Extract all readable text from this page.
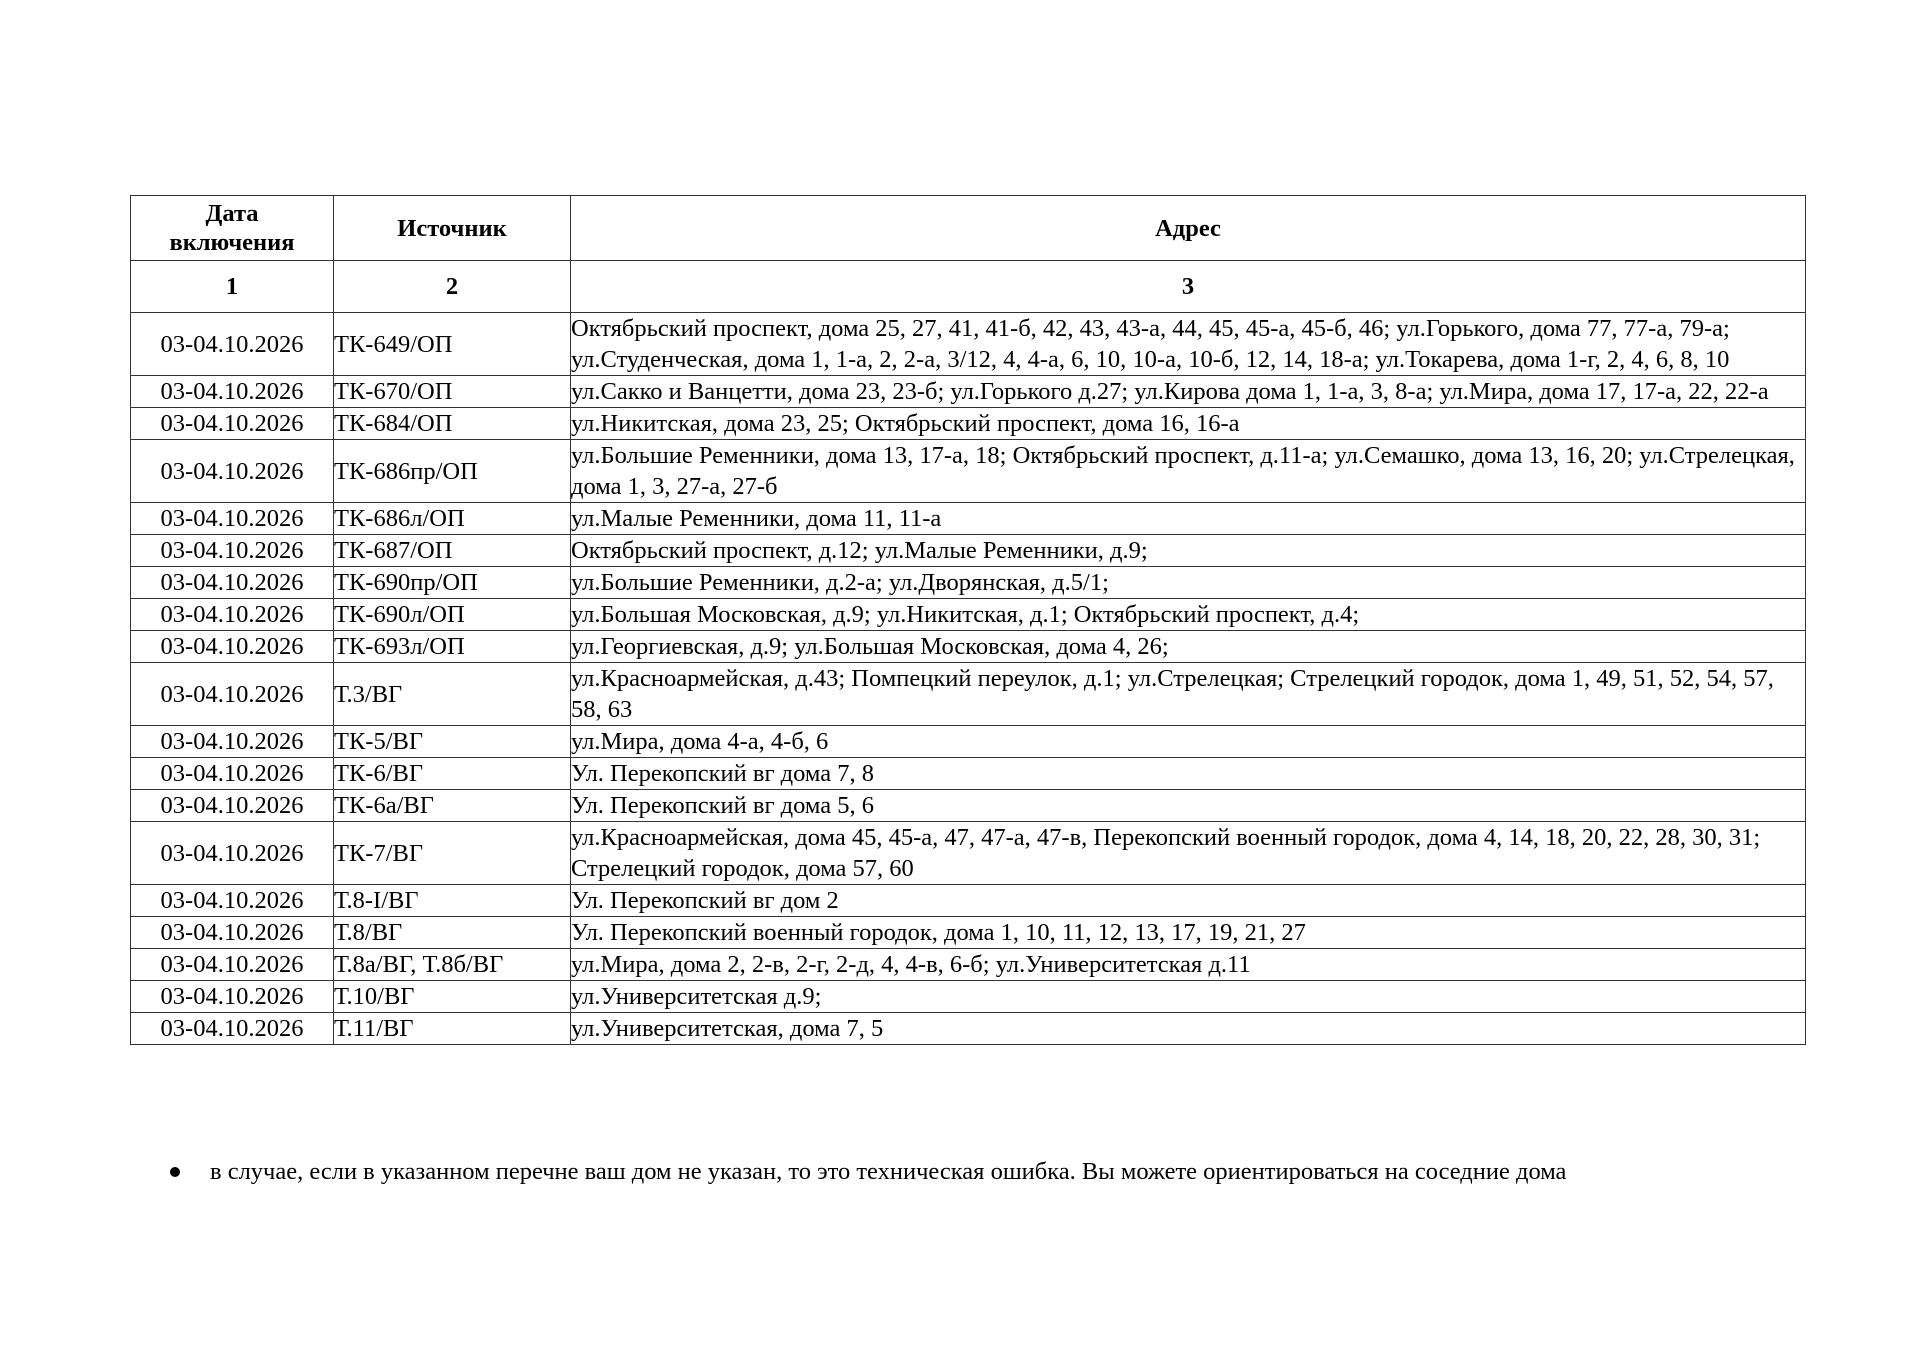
Дата
включения	Источник	Адрес
1	2	3
03-04.10.2026	ТК-649/ОП	Октябрьский проспект, дома 25, 27, 41, 41-б, 42, 43, 43-а, 44, 45, 45-а, 45-б, 46; ул.Горького, дома 77, 77-а, 79-а; ул.Студенческая, дома 1, 1-а, 2, 2-а, 3/12, 4, 4-а, 6, 10, 10-а, 10-б, 12, 14, 18-а; ул.Токарева, дома 1-г, 2, 4, 6, 8, 10
03-04.10.2026	ТК-670/ОП	ул.Сакко и Ванцетти, дома 23, 23-б; ул.Горького д.27; ул.Кирова дома 1, 1-а, 3, 8-а; ул.Мира, дома 17, 17-а, 22, 22-а
03-04.10.2026	ТК-684/ОП	ул.Никитская, дома 23, 25; Октябрьский проспект, дома 16, 16-а
03-04.10.2026	ТК-686пр/ОП	ул.Большие Ременники, дома 13, 17-а, 18; Октябрьский проспект, д.11-а; ул.Семашко, дома 13, 16, 20; ул.Стрелецкая, дома 1, 3, 27-а, 27-б
03-04.10.2026	ТК-686л/ОП	ул.Малые Ременники, дома 11, 11-а
03-04.10.2026	ТК-687/ОП	Октябрьский проспект, д.12; ул.Малые Ременники, д.9;
03-04.10.2026	ТК-690пр/ОП	ул.Большие Ременники, д.2-а; ул.Дворянская, д.5/1;
03-04.10.2026	ТК-690л/ОП	ул.Большая Московская, д.9; ул.Никитская, д.1; Октябрьский проспект, д.4;
03-04.10.2026	ТК-693л/ОП	ул.Георгиевская, д.9; ул.Большая Московская, дома 4, 26;
03-04.10.2026	Т.3/ВГ	ул.Красноармейская, д.43; Помпецкий переулок, д.1; ул.Стрелецкая; Стрелецкий городок, дома 1, 49, 51, 52, 54, 57, 58, 63
03-04.10.2026	ТК-5/ВГ	ул.Мира, дома 4-а, 4-б, 6
03-04.10.2026	ТК-6/ВГ	Ул. Перекопский вг дома 7, 8
03-04.10.2026	ТК-6а/ВГ	Ул. Перекопский вг дома 5, 6
03-04.10.2026	ТК-7/ВГ	ул.Красноармейская, дома 45, 45-а, 47, 47-а, 47-в, Перекопский военный городок, дома 4, 14, 18, 20, 22, 28, 30, 31; Стрелецкий городок, дома 57, 60
03-04.10.2026	Т.8-I/ВГ	Ул. Перекопский вг дом 2
03-04.10.2026	Т.8/ВГ	Ул. Перекопский военный городок, дома 1, 10, 11, 12, 13, 17, 19, 21, 27
03-04.10.2026	Т.8а/ВГ, Т.8б/ВГ	ул.Мира, дома 2, 2-в, 2-г, 2-д, 4, 4-в, 6-б; ул.Университетская д.11
03-04.10.2026	Т.10/ВГ	ул.Университетская д.9;
03-04.10.2026	Т.11/ВГ	ул.Университетская, дома 7, 5
в случае, если в указанном перечне ваш дом не указан, то это техническая ошибка. Вы можете ориентироваться на соседние дома
